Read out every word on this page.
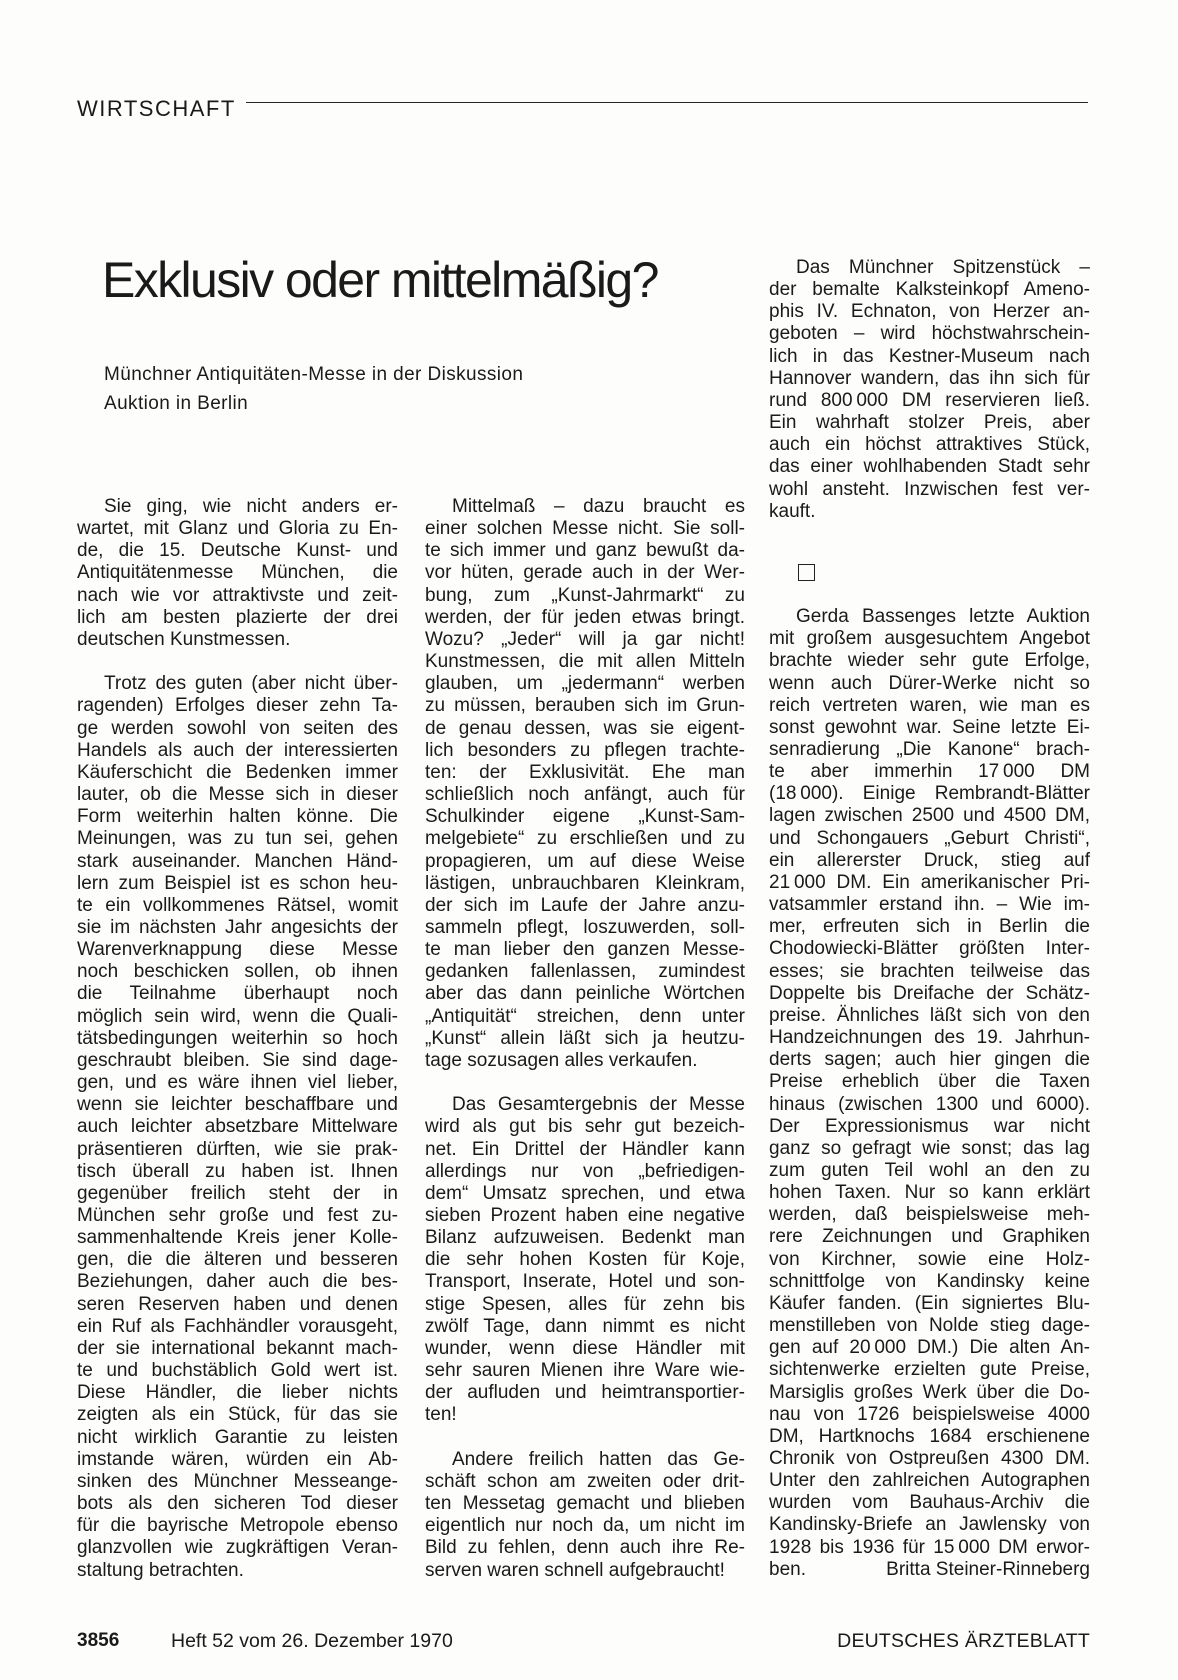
WIRTSCHAFT
Exklusiv oder mittelmäßig?
Münchner Antiquitäten-Messe in der Diskussion
Auktion in Berlin
Sie ging, wie nicht anders er-
wartet, mit Glanz und Gloria zu En-
de, die 15. Deutsche Kunst- und
Antiquitätenmesse München, die
nach wie vor attraktivste und zeit-
lich am besten plazierte der drei
deutschen Kunstmessen.
Trotz des guten (aber nicht über-
ragenden) Erfolges dieser zehn Ta-
ge werden sowohl von seiten des
Handels als auch der interessierten
Käuferschicht die Bedenken immer
lauter, ob die Messe sich in dieser
Form weiterhin halten könne. Die
Meinungen, was zu tun sei, gehen
stark auseinander. Manchen Händ-
lern zum Beispiel ist es schon heu-
te ein vollkommenes Rätsel, womit
sie im nächsten Jahr angesichts der
Warenverknappung diese Messe
noch beschicken sollen, ob ihnen
die Teilnahme überhaupt noch
möglich sein wird, wenn die Quali-
tätsbedingungen weiterhin so hoch
geschraubt bleiben. Sie sind dage-
gen, und es wäre ihnen viel lieber,
wenn sie leichter beschaffbare und
auch leichter absetzbare Mittelware
präsentieren dürften, wie sie prak-
tisch überall zu haben ist. Ihnen
gegenüber freilich steht der in
München sehr große und fest zu-
sammenhaltende Kreis jener Kolle-
gen, die die älteren und besseren
Beziehungen, daher auch die bes-
seren Reserven haben und denen
ein Ruf als Fachhändler vorausgeht,
der sie international bekannt mach-
te und buchstäblich Gold wert ist.
Diese Händler, die lieber nichts
zeigten als ein Stück, für das sie
nicht wirklich Garantie zu leisten
imstande wären, würden ein Ab-
sinken des Münchner Messeange-
bots als den sicheren Tod dieser
für die bayrische Metropole ebenso
glanzvollen wie zugkräftigen Veran-
staltung betrachten.
Mittelmaß – dazu braucht es
einer solchen Messe nicht. Sie soll-
te sich immer und ganz bewußt da-
vor hüten, gerade auch in der Wer-
bung, zum „Kunst-Jahrmarkt“ zu
werden, der für jeden etwas bringt.
Wozu? „Jeder“ will ja gar nicht!
Kunstmessen, die mit allen Mitteln
glauben, um „jedermann“ werben
zu müssen, berauben sich im Grun-
de genau dessen, was sie eigent-
lich besonders zu pflegen trachte-
ten: der Exklusivität. Ehe man
schließlich noch anfängt, auch für
Schulkinder eigene „Kunst-Sam-
melgebiete“ zu erschließen und zu
propagieren, um auf diese Weise
lästigen, unbrauchbaren Kleinkram,
der sich im Laufe der Jahre anzu-
sammeln pflegt, loszuwerden, soll-
te man lieber den ganzen Messe-
gedanken fallenlassen, zumindest
aber das dann peinliche Wörtchen
„Antiquität“ streichen, denn unter
„Kunst“ allein läßt sich ja heutzu-
tage sozusagen alles verkaufen.
Das Gesamtergebnis der Messe
wird als gut bis sehr gut bezeich-
net. Ein Drittel der Händler kann
allerdings nur von „befriedigen-
dem“ Umsatz sprechen, und etwa
sieben Prozent haben eine negative
Bilanz aufzuweisen. Bedenkt man
die sehr hohen Kosten für Koje,
Transport, Inserate, Hotel und son-
stige Spesen, alles für zehn bis
zwölf Tage, dann nimmt es nicht
wunder, wenn diese Händler mit
sehr sauren Mienen ihre Ware wie-
der aufluden und heimtransportier-
ten!
Andere freilich hatten das Ge-
schäft schon am zweiten oder drit-
ten Messetag gemacht und blieben
eigentlich nur noch da, um nicht im
Bild zu fehlen, denn auch ihre Re-
serven waren schnell aufgebraucht!
Das Münchner Spitzenstück –
der bemalte Kalksteinkopf Ameno-
phis IV. Echnaton, von Herzer an-
geboten – wird höchstwahrschein-
lich in das Kestner-Museum nach
Hannover wandern, das ihn sich für
rund 800 000 DM reservieren ließ.
Ein wahrhaft stolzer Preis, aber
auch ein höchst attraktives Stück,
das einer wohlhabenden Stadt sehr
wohl ansteht. Inzwischen fest ver-
kauft.
Gerda Bassenges letzte Auktion
mit großem ausgesuchtem Angebot
brachte wieder sehr gute Erfolge,
wenn auch Dürer-Werke nicht so
reich vertreten waren, wie man es
sonst gewohnt war. Seine letzte Ei-
senradierung „Die Kanone“ brach-
te aber immerhin 17 000 DM
(18 000). Einige Rembrandt-Blätter
lagen zwischen 2500 und 4500 DM,
und Schongauers „Geburt Christi“,
ein allererster Druck, stieg auf
21 000 DM. Ein amerikanischer Pri-
vatsammler erstand ihn. – Wie im-
mer, erfreuten sich in Berlin die
Chodowiecki-Blätter größten Inter-
esses; sie brachten teilweise das
Doppelte bis Dreifache der Schätz-
preise. Ähnliches läßt sich von den
Handzeichnungen des 19. Jahrhun-
derts sagen; auch hier gingen die
Preise erheblich über die Taxen
hinaus (zwischen 1300 und 6000).
Der Expressionismus war nicht
ganz so gefragt wie sonst; das lag
zum guten Teil wohl an den zu
hohen Taxen. Nur so kann erklärt
werden, daß beispielsweise meh-
rere Zeichnungen und Graphiken
von Kirchner, sowie eine Holz-
schnittfolge von Kandinsky keine
Käufer fanden. (Ein signiertes Blu-
menstilleben von Nolde stieg dage-
gen auf 20 000 DM.) Die alten An-
sichtenwerke erzielten gute Preise,
Marsiglis großes Werk über die Do-
nau von 1726 beispielsweise 4000
DM, Hartknochs 1684 erschienene
Chronik von Ostpreußen 4300 DM.
Unter den zahlreichen Autographen
wurden vom Bauhaus-Archiv die
Kandinsky-Briefe an Jawlensky von
1928 bis 1936 für 15 000 DM erwor-
ben.	Britta Steiner-Rinneberg
3856	Heft 52 vom 26. Dezember 1970	DEUTSCHES ÄRZTEBLATT
